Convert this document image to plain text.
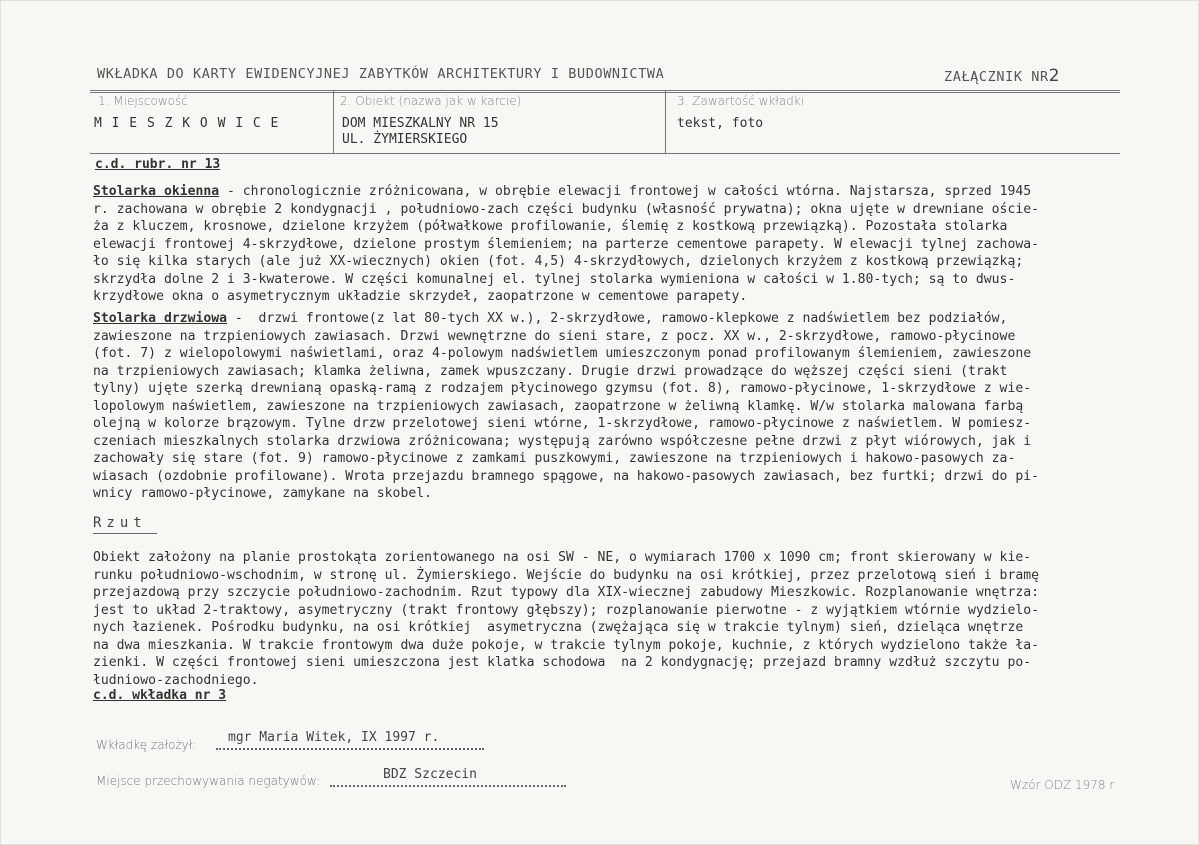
WKŁADKA DO KARTY EWIDENCYJNEJ ZABYTKÓW ARCHITEKTURY I BUDOWNICTWA	ZAŁĄCZNIK NR2
1. Miejscowość
M I E S Z K O W I C E
2. Obiekt (nazwa jak w karcie)
DOM MIESZKALNY NR 15
UL. ŻYMIERSKIEGO
3. Zawartość wkładki
tekst, foto
c.d. rubr. nr 13
Stolarka okienna - chronologicznie zróżnicowana, w obrębie elewacji frontowej w całości wtórna. Najstarsza, sprzed 1945
r. zachowana w obrębie 2 kondygnacji , południowo-zach części budynku (własność prywatna); okna ujęte w drewniane oście-
ża z kluczem, krosnowe, dzielone krzyżem (półwałkowe profilowanie, ślemię z kostkową przewiązką). Pozostała stolarka
elewacji frontowej 4-skrzydłowe, dzielone prostym ślemieniem; na parterze cementowe parapety. W elewacji tylnej zachowa-
ło się kilka starych (ale już XX-wiecznych) okien (fot. 4,5) 4-skrzydłowych, dzielonych krzyżem z kostkową przewiązką;
skrzydła dolne 2 i 3-kwaterowe. W części komunalnej el. tylnej stolarka wymieniona w całości w 1.80-tych; są to dwus-
krzydłowe okna o asymetrycznym układzie skrzydeł, zaopatrzone w cementowe parapety.
Stolarka drzwiowa -  drzwi frontowe(z lat 80-tych XX w.), 2-skrzydłowe, ramowo-klepkowe z nadświetlem bez podziałów,
zawieszone na trzpieniowych zawiasach. Drzwi wewnętrzne do sieni stare, z pocz. XX w., 2-skrzydłowe, ramowo-płycinowe
(fot. 7) z wielopolowymi naświetlami, oraz 4-polowym nadświetlem umieszczonym ponad profilowanym ślemieniem, zawieszone
na trzpieniowych zawiasach; klamka żeliwna, zamek wpuszczany. Drugie drzwi prowadzące do węższej części sieni (trakt
tylny) ujęte szerką drewnianą opaską-ramą z rodzajem płycinowego gzymsu (fot. 8), ramowo-płycinowe, 1-skrzydłowe z wie-
lopolowym naświetlem, zawieszone na trzpieniowych zawiasach, zaopatrzone w żeliwną klamkę. W/w stolarka malowana farbą
olejną w kolorze brązowym. Tylne drzw przelotowej sieni wtórne, 1-skrzydłowe, ramowo-płycinowe z naświetlem. W pomiesz-
czeniach mieszkalnych stolarka drzwiowa zróżnicowana; występują zarówno współczesne pełne drzwi z płyt wiórowych, jak i
zachowały się stare (fot. 9) ramowo-płycinowe z zamkami puszkowymi, zawieszone na trzpieniowych i hakowo-pasowych za-
wiasach (ozdobnie profilowane). Wrota przejazdu bramnego spągowe, na hakowo-pasowych zawiasach, bez furtki; drzwi do pi-
wnicy ramowo-płycinowe, zamykane na skobel.
Rzut
Obiekt założony na planie prostokąta zorientowanego na osi SW - NE, o wymiarach 1700 x 1090 cm; front skierowany w kie-
runku południowo-wschodnim, w stronę ul. Żymierskiego. Wejście do budynku na osi krótkiej, przez przelotową sień i bramę
przejazdową przy szczycie południowo-zachodnim. Rzut typowy dla XIX-wiecznej zabudowy Mieszkowic. Rozplanowanie wnętrza:
jest to układ 2-traktowy, asymetryczny (trakt frontowy głębszy); rozplanowanie pierwotne - z wyjątkiem wtórnie wydzielo-
nych łazienek. Pośrodku budynku, na osi krótkiej  asymetryczna (zwężająca się w trakcie tylnym) sień, dzieląca wnętrze
na dwa mieszkania. W trakcie frontowym dwa duże pokoje, w trakcie tylnym pokoje, kuchnie, z których wydzielono także ła-
zienki. W części frontowej sieni umieszczona jest klatka schodowa  na 2 kondygnację; przejazd bramny wzdłuż szczytu po-
łudniowo-zachodniego.
c.d. wkładka nr 3
Wkładkę założył: mgr Maria Witek, IX 1997 r.
Miejsce przechowywania negatywów:	BDZ Szczecin
Wzór ODZ 1978 r
